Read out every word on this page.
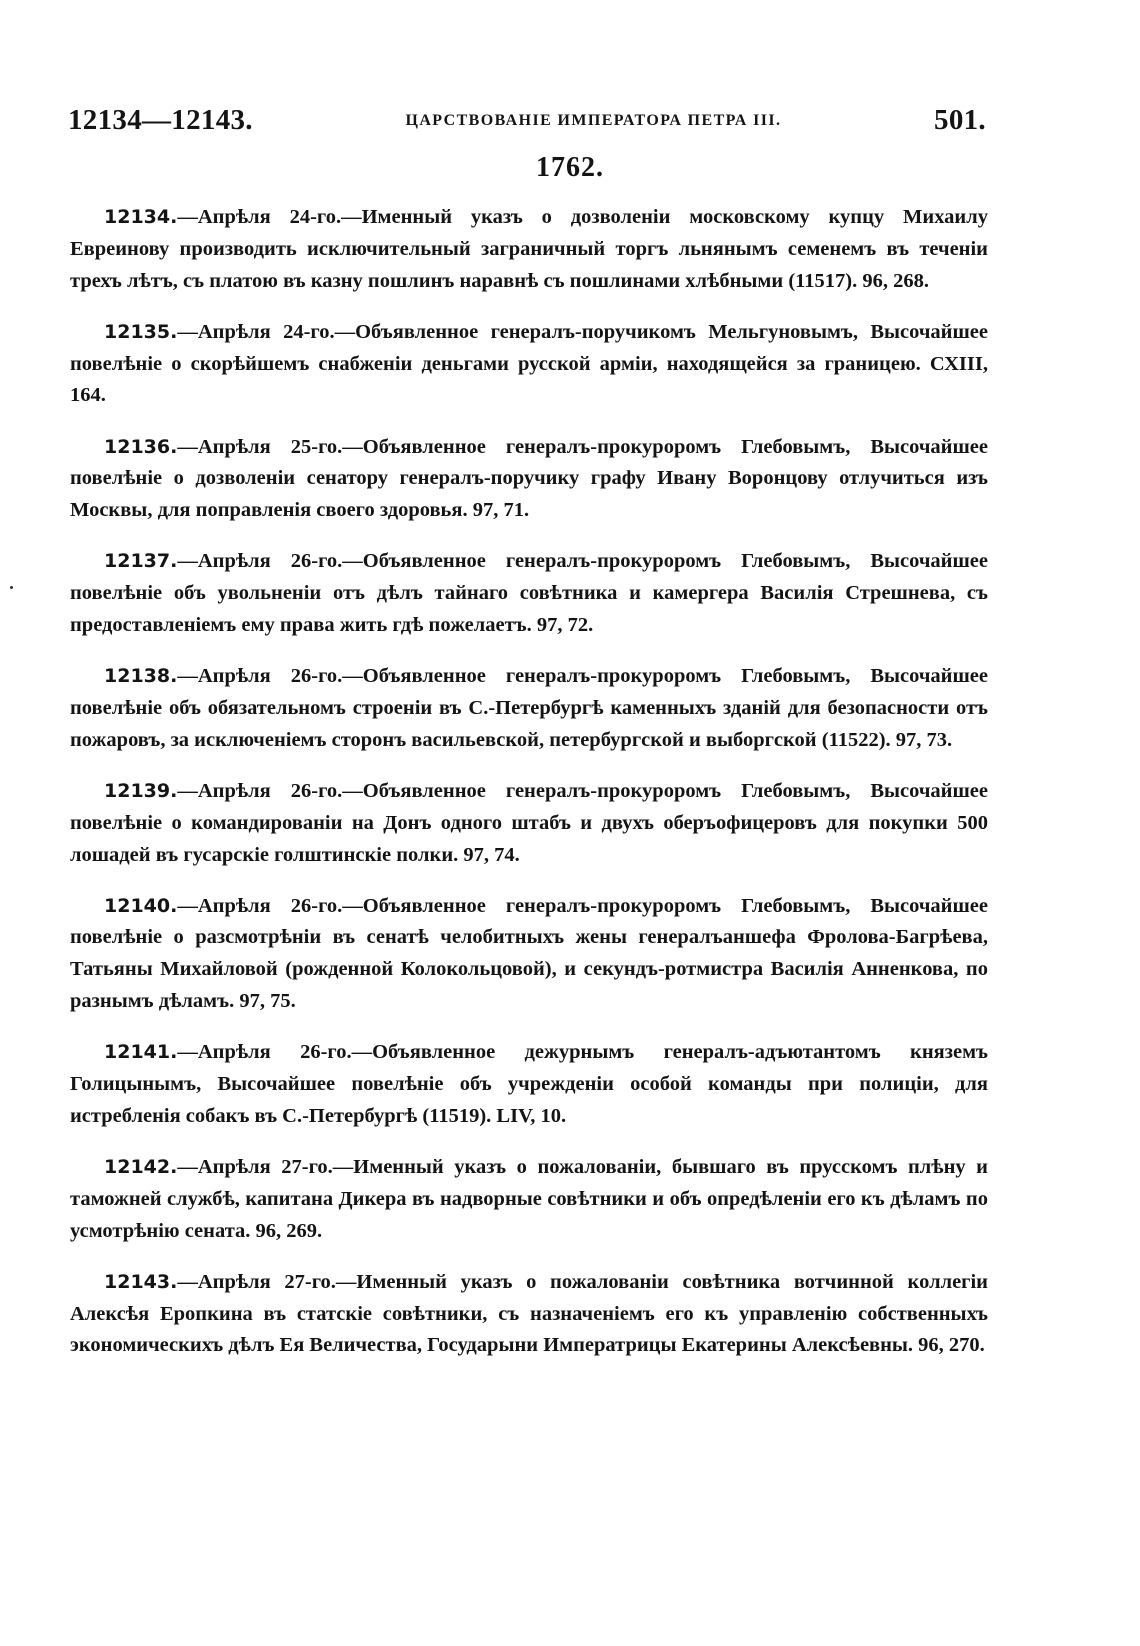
12134—12143.	ЦАРСТВОВАНІЕ ИМПЕРАТОРА ПЕТРА III.	501.
1762.

12134.—Апрѣля 24-го.—Именный указъ о дозволеніи московскому купцу Михаилу Евреинову производить исключительный заграничный торгъ льнянымъ семенемъ въ теченіи трехъ лѣтъ, съ платою въ казну пошлинъ наравнѣ съ пошлинами хлѣбными (11517). 96, 268.

12135.—Апрѣля 24-го.—Объявленное генералъ-поручикомъ Мельгуновымъ, Высочайшее повелѣніе о скорѣйшемъ снабженіи деньгами русской арміи, находящейся за границею. СХIII, 164.

12136.—Апрѣля 25-го.—Объявленное генералъ-прокуроромъ Глебовымъ, Высочайшее повелѣніе о дозволеніи сенатору генералъ-поручику графу Ивану Воронцову отлучиться изъ Москвы, для поправленія своего здоровья. 97, 71.

12137.—Апрѣля 26-го.—Объявленное генералъ-прокуроромъ Глебовымъ, Высочайшее повелѣніе объ увольненіи отъ дѣлъ тайнаго совѣтника и камергера Василія Стрешнева, съ предоставленіемъ ему права жить гдѣ пожелаетъ. 97, 72.

12138.—Апрѣля 26-го.—Объявленное генералъ-прокуроромъ Глебовымъ, Высочайшее повелѣніе объ обязательномъ строеніи въ С.-Петербургѣ каменныхъ зданій для безопасности отъ пожаровъ, за исключеніемъ сторонъ васильевской, петербургской и выборгской (11522). 97, 73.

12139.—Апрѣля 26-го.—Объявленное генералъ-прокуроромъ Глебовымъ, Высочайшее повелѣніе о командированіи на Донъ одного штабъ и двухъ оберъофицеровъ для покупки 500 лошадей въ гусарскіе голштинскіе полки. 97, 74.

12140.—Апрѣля 26-го.—Объявленное генералъ-прокуроромъ Глебовымъ, Высочайшее повелѣніе о разсмотрѣніи въ сенатѣ челобитныхъ жены генералъаншефа Фролова-Багрѣева, Татьяны Михайловой (рожденной Колокольцовой), и секундъ-ротмистра Василія Анненкова, по разнымъ дѣламъ. 97, 75.

12141.—Апрѣля 26-го.—Объявленное дежурнымъ генералъ-адъютантомъ княземъ Голицынымъ, Высочайшее повелѣніе объ учрежденіи особой команды при полиціи, для истребленія собакъ въ С.-Петербургѣ (11519). LIV, 10.

12142.—Апрѣля 27-го.—Именный указъ о пожалованіи, бывшаго въ прусскомъ плѣну и таможней службѣ, капитана Дикера въ надворные совѣтники и объ опредѣленіи его къ дѣламъ по усмотрѣнію сената. 96, 269.

12143.—Апрѣля 27-го.—Именный указъ о пожалованіи совѣтника вотчинной коллегіи Алексѣя Еропкина въ статскіе совѣтники, съ назначеніемъ его къ управленію собственныхъ экономическихъ дѣлъ Ея Величества, Государыни Императрицы Екатерины Алексѣевны. 96, 270.
